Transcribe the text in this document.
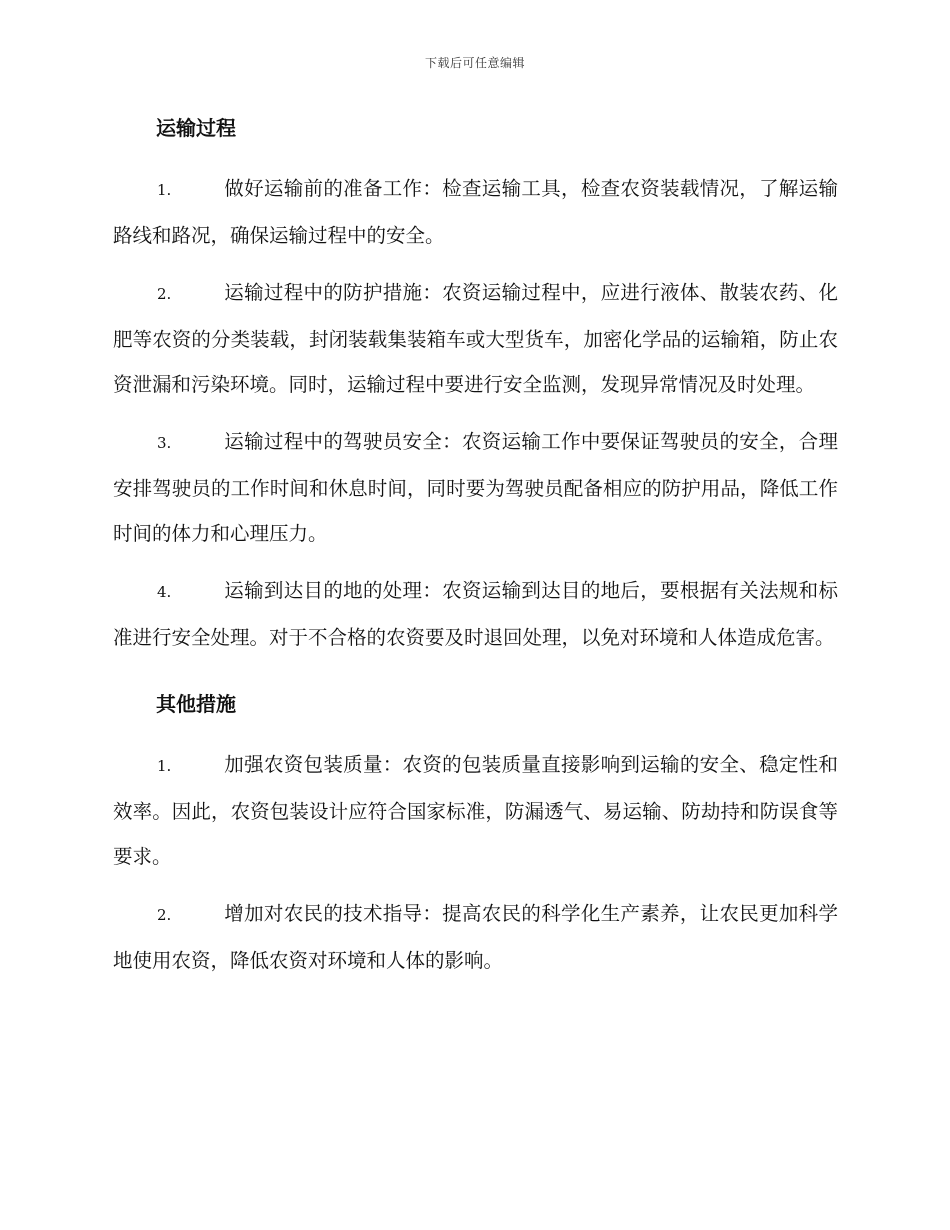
下载后可任意编辑
运输过程

1.	做好运输前的准备工作：检查运输工具，检查农资装载情况，了解运输路线和路况，确保运输过程中的安全。

2.	运输过程中的防护措施：农资运输过程中，应进行液体、散装农药、化肥等农资的分类装载，封闭装载集装箱车或大型货车，加密化学品的运输箱，防止农资泄漏和污染环境。同时，运输过程中要进行安全监测，发现异常情况及时处理。

3.	运输过程中的驾驶员安全：农资运输工作中要保证驾驶员的安全，合理安排驾驶员的工作时间和休息时间，同时要为驾驶员配备相应的防护用品，降低工作时间的体力和心理压力。

4.	运输到达目的地的处理：农资运输到达目的地后，要根据有关法规和标准进行安全处理。对于不合格的农资要及时退回处理，以免对环境和人体造成危害。

其他措施

1.	加强农资包装质量：农资的包装质量直接影响到运输的安全、稳定性和效率。因此，农资包装设计应符合国家标准，防漏透气、易运输、防劫持和防误食等要求。

2.	增加对农民的技术指导：提高农民的科学化生产素养，让农民更加科学地使用农资，降低农资对环境和人体的影响。
